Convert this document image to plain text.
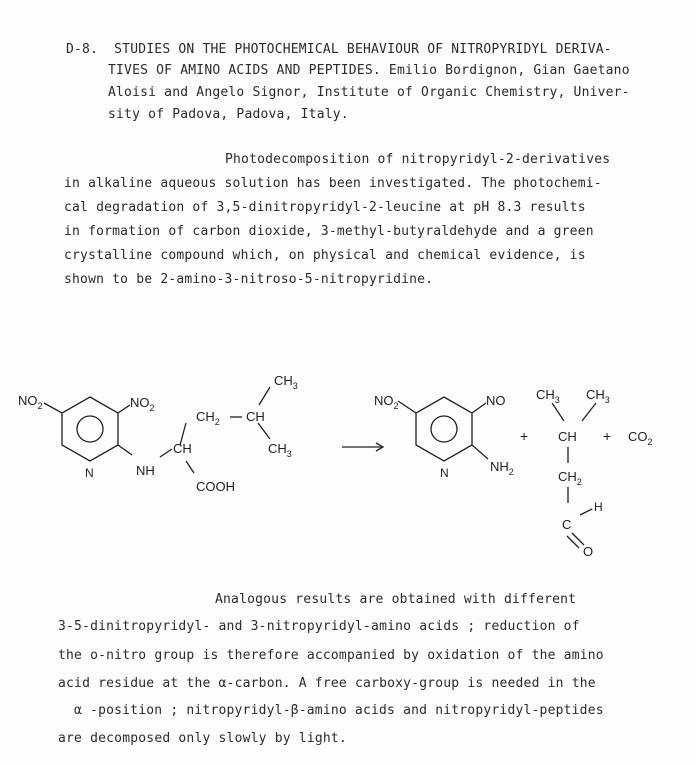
D-8.  STUDIES ON THE PHOTOCHEMICAL BEHAVIOUR OF NITROPYRIDYL DERIVA-
TIVES OF AMINO ACIDS AND PEPTIDES. Emilio Bordignon, Gian Gaetano
Aloisi and Angelo Signor, Institute of Organic Chemistry, Univer-
sity of Padova, Padova, Italy.
Photodecomposition of nitropyridyl-2-derivatives
in alkaline aqueous solution has been investigated. The photochemi-
cal degradation of 3,5-dinitropyridyl-2-leucine at pH 8.3 results
in formation of carbon dioxide, 3-methyl-butyraldehyde and a green
crystalline compound which, on physical and chemical evidence, is
shown to be 2-amino-3-nitroso-5-nitropyridine.
$NO_2$	$NO_2$
N	NH
CH
$CH_2$ CH
$CH_3$
$CH_3$
COOH
$NO_2$	NO
N	$NH_2$
+
$CH_3$ $CH_3$
CH
$CH_2$
H
C
O
+ $CO_2$
Analogous results are obtained with different
3-5-dinitropyridyl- and 3-nitropyridyl-amino acids ; reduction of
the o-nitro group is therefore accompanied by oxidation of the amino
acid residue at the α-carbon. A free carboxy-group is needed in the
α -position ; nitropyridyl-β-amino acids and nitropyridyl-peptides
are decomposed only slowly by light.
